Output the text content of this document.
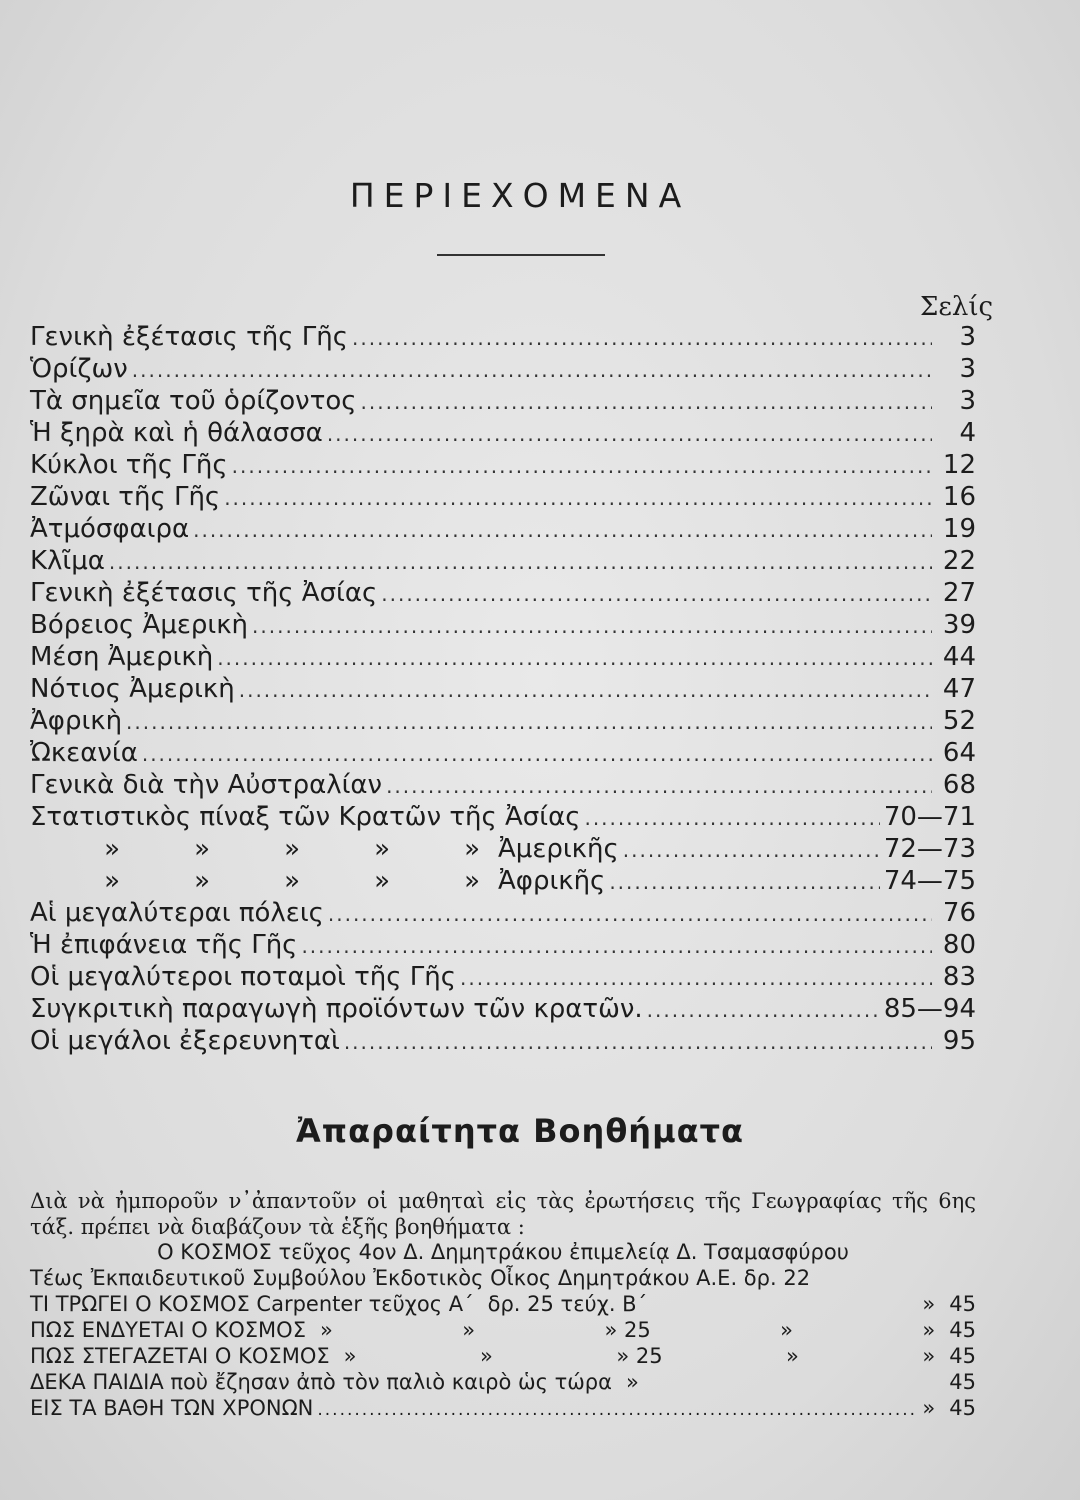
ΠΕΡΙΕΧΟΜΕΝΑ
Σελίς
Γενικὴ ἐξέτασις τῆς Γῆς .....	3
Ὁρίζων .....	3
Τὰ σημεῖα τοῦ ὁρίζοντος .....	3
Ἡ ξηρὰ καὶ ἡ θάλασσα .....	4
Κύκλοι τῆς Γῆς .....	12
Ζῶναι τῆς Γῆς .....	16
Ἀτμόσφαιρα .....	19
Κλῖμα .....	22
Γενικὴ ἐξέτασις τῆς Ἀσίας .....	27
Βόρειος Ἀμερικὴ .....	39
Μέση Ἀμερικὴ .....	44
Νότιος Ἀμερικὴ .....	47
Ἀφρικὴ .....	52
Ὠκεανία .....	64
Γενικὰ διὰ τὴν Αὐστραλίαν .....	68
Στατιστικὸς πίναξ τῶν Κρατῶν τῆς Ἀσίας .....	70—71
»	»	»	»	» Ἀμερικῆς .....	72—73
»	»	»	»	» Ἀφρικῆς .....	74—75
Αἱ μεγαλύτεραι πόλεις .....	76
Ἡ ἐπιφάνεια τῆς Γῆς .....	80
Οἱ μεγαλύτεροι ποταμοὶ τῆς Γῆς .....	83
Συγκριτικὴ παραγωγὴ προϊόντων τῶν κρατῶν. .....	85—94
Οἱ μεγάλοι ἐξερευνηταὶ .....	95
Ἀπαραίτητα Βοηθήματα
Διὰ νὰ ἠμποροῦν ν᾿ἀπαντοῦν οἱ μαθηταὶ εἰς τὰς ἐρωτήσεις τῆς Γεωγραφίας τῆς 6ης τάξ. πρέπει νὰ διαβάζουν τὰ ἑξῆς βοηθήματα :
Ο ΚΟΣΜΟΣ τεῦχος 4ον Δ. Δημητράκου ἐπιμελείᾳ Δ. Τσαμασφύρου
Τέως Ἐκπαιδευτικοῦ Συμβούλου Ἐκδοτικὸς Οἶκος Δημητράκου Α.Ε. δρ. 22
ΤΙ ΤΡΩΓΕΙ Ο ΚΟΣΜΟΣ Carpenter τεῦχος Α΄ δρ. 25 τεύχ. Β΄	» 45
ΠΩΣ ΕΝΔΥΕΤΑΙ Ο ΚΟΣΜΟΣ »	»	» 25	»	» 45
ΠΩΣ ΣΤΕΓΑΖΕΤΑΙ Ο ΚΟΣΜΟΣ »	»	» 25	»	» 45
ΔΕΚΑ ΠΑΙΔΙΑ ποὺ ἔζησαν ἀπὸ τὸν παλιὸ καιρὸ ὡς τώρα »	45
ΕΙΣ ΤΑ ΒΑΘΗ ΤΩΝ ΧΡΟΝΩΝ .....	» 45
